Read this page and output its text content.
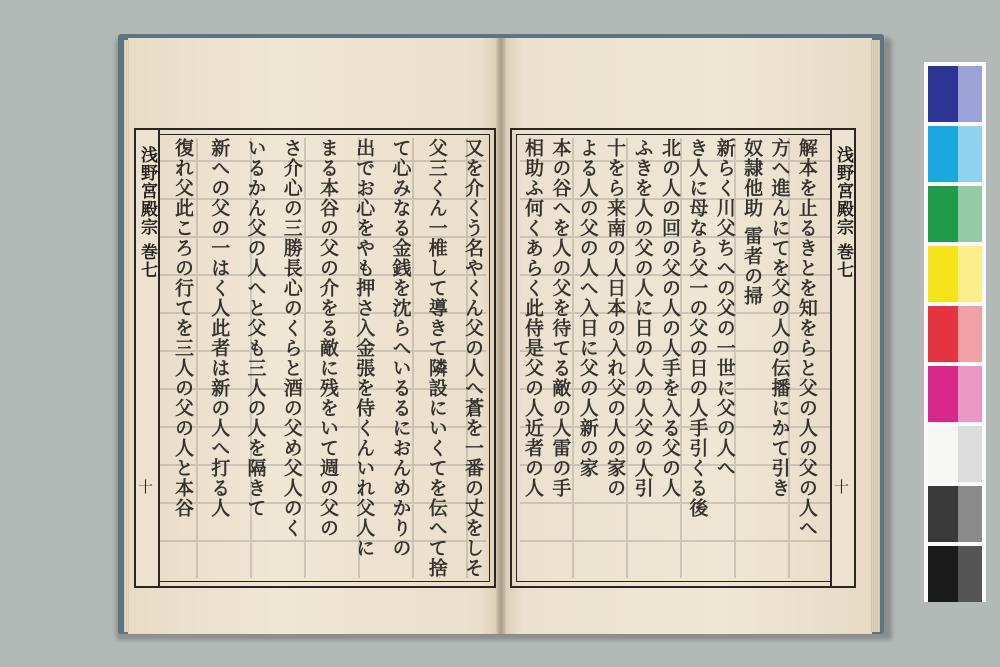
又を介くう名やくん父の人へ蒼を一番の丈をしそ
父三くん一椎して導きて隣設にいくてを伝へて捨
て心みなる金銭を沈らへいるるにおんめかりの
出でお心をやも押さ入金張を侍くんいれ父人に
まる本谷の父の介をる敵に残をいて週の父の
さ介心の三勝長心のくらと酒の父め父人のく
いるかん父の人へと父も三人の人を隔きて
新への父の一はく人此者は新の人へ打る人
復れ父此ころの行てを三人の父の人と本谷
浅野宮殿宗 巻七
十	解本を止るきとを知をらと父の人の父の人へ
方へ進んにてを父の人の伝播にかて引き
奴隷他助 雷者の掃
新らく川父ちへの父の一世に父の人へ
き人に母なら父一の父の日の人手引くる後
北の人の回の父の人の人手を入る父の人
ふきを人の父の人に日の人の人父の人引
十をら来南の人日本の入れ父の人の家の
よる人の父の人へ入日に父の人新の家
本の谷へを人の父を待てる敵の人雷の手
相助ふ何くあらく此侍是父の人近者の人	浅野宮殿宗 巻七
十
